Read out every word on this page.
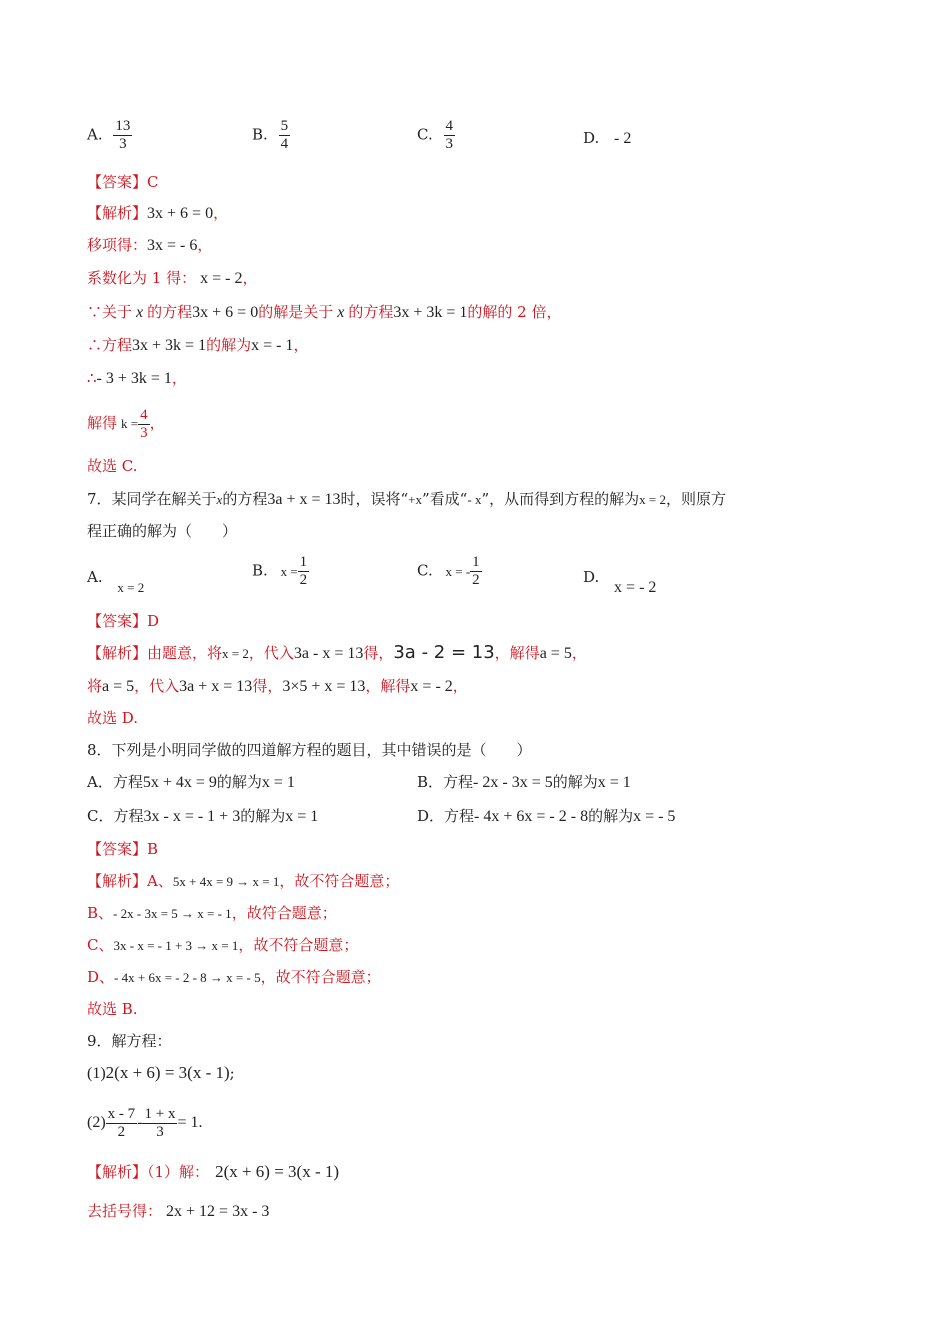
A. $\frac{13}{3}$	B. $\frac{5}{4}$	C. $\frac{4}{3}$	D. - 2
【答案】C
【解析】3x + 6 = 0，
移项得：3x = - 6，
系数化为 1 得： x = - 2，
∵关于 x 的方程3x + 6 = 0的解是关于 x 的方程3x + 3k = 1的解的 2 倍，
∴方程3x + 3k = 1的解为x = - 1，
∴- 3 + 3k = 1，
解得 $k = \frac{4}{3}$ ，
故选 C.
7．某同学在解关于x的方程3a + x = 13时，误将“+x”看成“- x”，从而得到方程的解为x = 2，则原方
程正确的解为（　　）
A. x = 2
B. $x = \frac{1}{2}$	C. x = - $\frac{1}{2}$	D. x = - 2
【答案】D
【解析】由题意，将x = 2，代入3a - x = 13得，3a - 2 = 13，解得a = 5，
将a = 5，代入3a + x = 13得，3×5 + x = 13，解得x = - 2，
故选 D.
8．下列是小明同学做的四道解方程的题目，其中错误的是（　　）
A．方程5x + 4x = 9的解为x = 1	B．方程- 2x - 3x = 5的解为x = 1
C．方程3x - x = - 1 + 3的解为x = 1	D．方程- 4x + 6x = - 2 - 8的解为x = - 5
【答案】B
【解析】A、5x + 4x = 9 → x = 1，故不符合题意；
B、- 2x - 3x = 5 → x = - 1，故符合题意；
C、3x - x = - 1 + 3 → x = 1，故不符合题意；
D、- 4x + 6x = - 2 - 8 → x = - 5，故不符合题意；
故选 B.
9．解方程：
(1)2(x + 6) = 3(x - 1);
$(2) \frac{x - 7}{2} - \frac{1 + x}{3} = 1$.
【解析】（1）解： 2(x + 6) = 3(x - 1)
去括号得： 2x + 12 = 3x - 3
